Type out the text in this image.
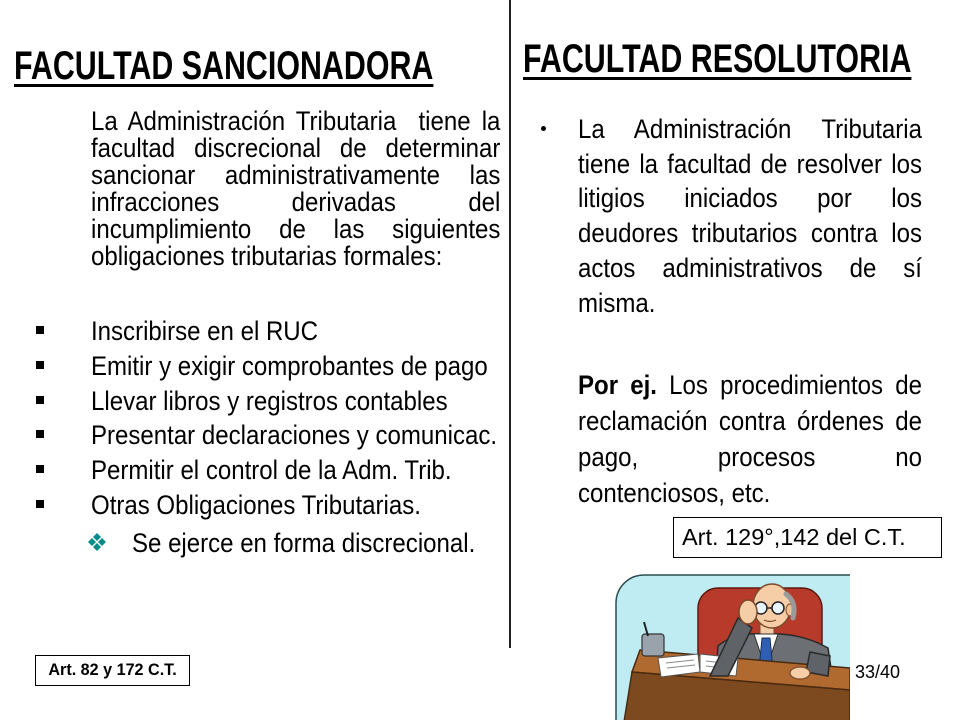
FACULTAD SANCIONADORA
La Administración Tributaria  tiene la
facultad discrecional de determinar
sancionar administrativamente las
infracciones derivadas del
incumplimiento de las siguientes
obligaciones tributarias formales:
Inscribirse en el RUC
Emitir y exigir comprobantes de pago
Llevar libros y registros contables
Presentar declaraciones y comunicac.
Permitir el control de la Adm. Trib.
Otras Obligaciones Tributarias.
Se ejerce en forma discrecional.
Art. 82 y 172 C.T.
FACULTAD RESOLUTORIA
La Administración Tributaria
tiene la facultad de resolver los
litigios iniciados por los
deudores tributarios contra los
actos administrativos de sí
misma.
Por ej. Los procedimientos de
reclamación contra órdenes de
pago, procesos no
contenciosos, etc.
Art. 129°,142 del C.T.
33/40
